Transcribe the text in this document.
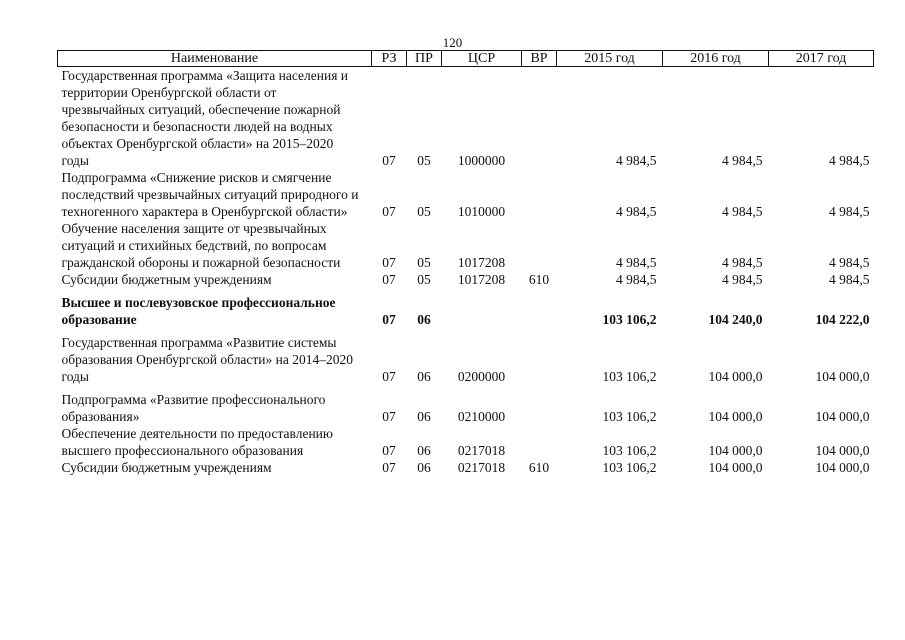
120
Наименование	РЗ	ПР	ЦСР	ВР	2015 год	2016 год	2017 год
Государственная программа «Защита населения и территории Оренбургской области от чрезвычайных ситуаций, обеспечение пожарной безопасности и безопасности людей на водных объектах Оренбургской области» на 2015–2020 годы	07	05	1000000		4 984,5	4 984,5	4 984,5
Подпрограмма «Снижение рисков и смягчение последствий чрезвычайных ситуаций природного и техногенного характера в Оренбургской области»	07	05	1010000		4 984,5	4 984,5	4 984,5
Обучение населения защите от чрезвычайных ситуаций и стихийных бедствий, по вопросам гражданской обороны и пожарной безопасности	07	05	1017208		4 984,5	4 984,5	4 984,5
Субсидии бюджетным учреждениям	07	05	1017208	610	4 984,5	4 984,5	4 984,5
Высшее и послевузовское профессиональное образование	07	06			103 106,2	104 240,0	104 222,0
Государственная программа «Развитие системы образования Оренбургской области» на 2014–2020 годы	07	06	0200000		103 106,2	104 000,0	104 000,0
Подпрограмма «Развитие профессионального образования»	07	06	0210000		103 106,2	104 000,0	104 000,0
Обеспечение деятельности по предоставлению высшего профессионального образования	07	06	0217018		103 106,2	104 000,0	104 000,0
Субсидии бюджетным учреждениям	07	06	0217018	610	103 106,2	104 000,0	104 000,0
